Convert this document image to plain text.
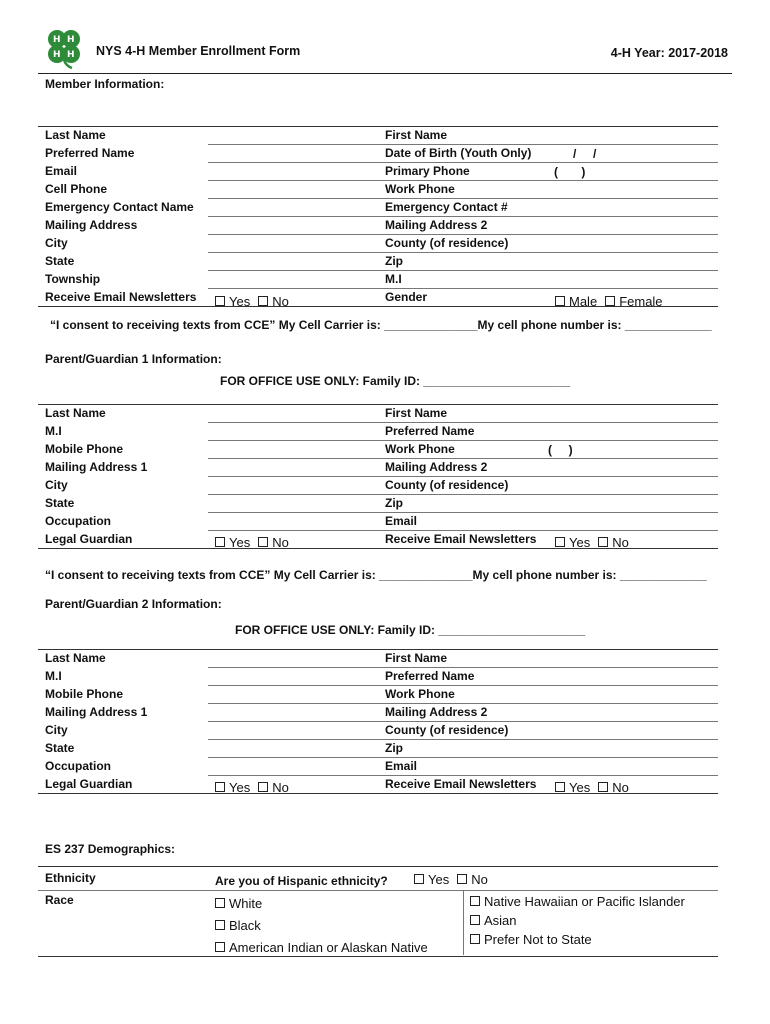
H H
H H NYS 4-H Member Enrollment Form	4-H Year: 2017-2018
Member Information:
Last Name	First Name
Preferred Name	Date of Birth (Youth Only)
Email	Primary Phone
Cell Phone	Work Phone
Emergency Contact Name	Emergency Contact #
Mailing Address	Mailing Address 2
City	County (of residence)
State	Zip
Township	M.I
Receive Email Newsletters	Gender
/     /
(       )
Yes No	Male Female
“I consent to receiving texts from CCE” My Cell Carrier is: ______________My cell phone number is: _____________
Parent/Guardian 1 Information:
FOR OFFICE USE ONLY: Family ID: ______________________
Last Name	First Name
M.I	Preferred Name
Mobile Phone	Work Phone
Mailing Address 1	Mailing Address 2
City	County (of residence)
State	Zip
Occupation	Email
Legal Guardian	Receive Email Newsletters
(     )
Yes No	Yes No
“I consent to receiving texts from CCE” My Cell Carrier is: ______________My cell phone number is: _____________
Parent/Guardian 2 Information:
FOR OFFICE USE ONLY: Family ID: ______________________
Last Name	First Name
M.I	Preferred Name
Mobile Phone	Work Phone
Mailing Address 1	Mailing Address 2
City	County (of residence)
State	Zip
Occupation	Email
Legal Guardian	Receive Email Newsletters
Yes No	Yes No
ES 237 Demographics:
Ethnicity	Are you of Hispanic ethnicity?	Yes No
Race	White
Black
American Indian or Alaskan Native
Native Hawaiian or Pacific Islander
Asian
Prefer Not to State
